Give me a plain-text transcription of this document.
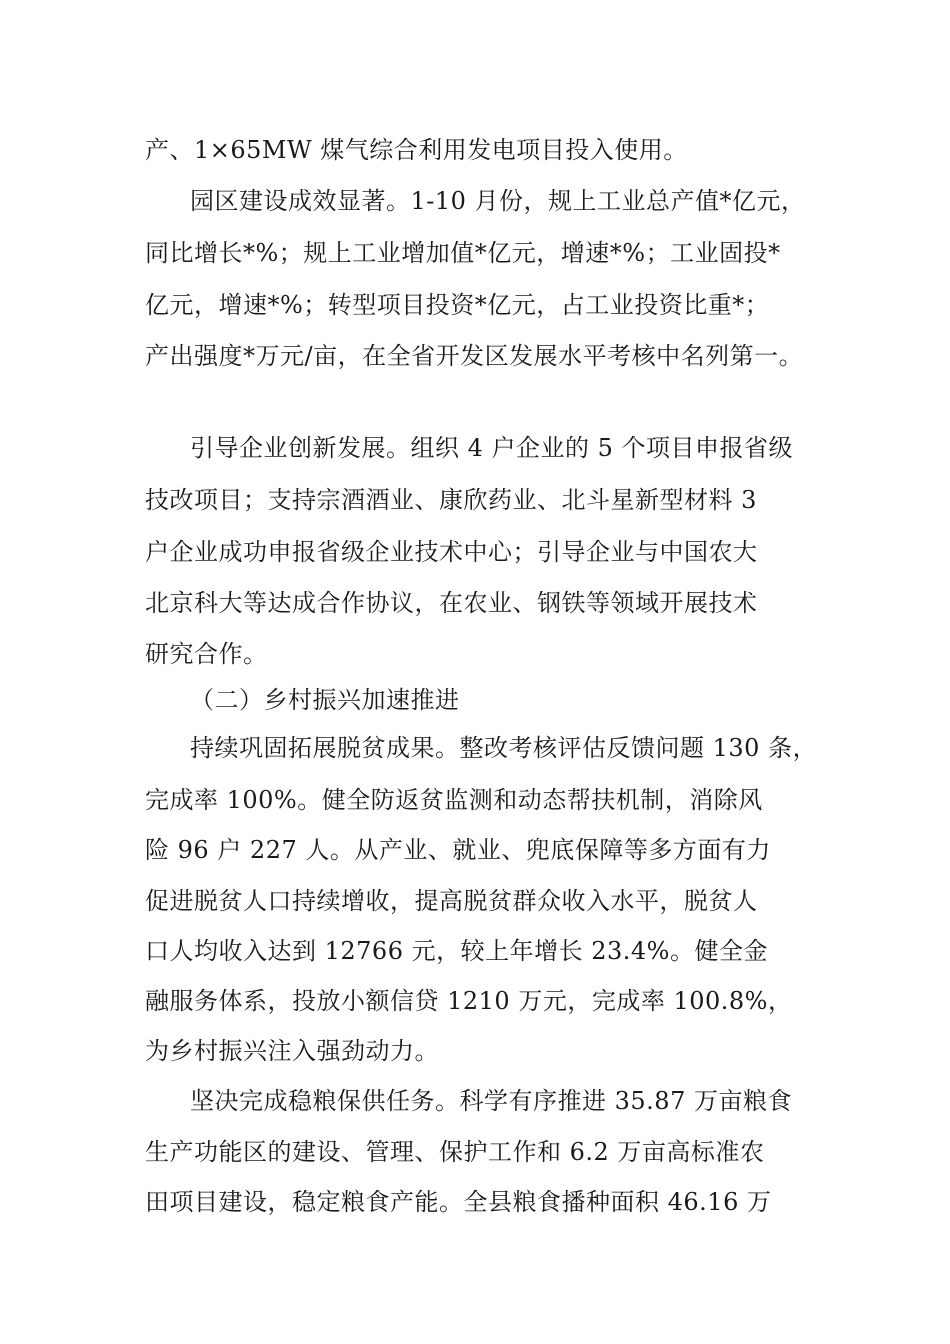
产、1×65MW 煤气综合利用发电项目投入使用。
园区建设成效显著。1-10 月份，规上工业总产值*亿元，
同比增长*%；规上工业增加值*亿元，增速*%；工业固投*
亿元，增速*%；转型项目投资*亿元，占工业投资比重*；
产出强度*万元/亩，在全省开发区发展水平考核中名列第一。
引导企业创新发展。组织 4 户企业的 5 个项目申报省级
技改项目；支持宗酒酒业、康欣药业、北斗星新型材料 3
户企业成功申报省级企业技术中心；引导企业与中国农大
北京科大等达成合作协议，在农业、钢铁等领域开展技术
研究合作。
（二）乡村振兴加速推进
持续巩固拓展脱贫成果。整改考核评估反馈问题 130 条，
完成率 100%。健全防返贫监测和动态帮扶机制，消除风
险 96 户 227 人。从产业、就业、兜底保障等多方面有力
促进脱贫人口持续增收，提高脱贫群众收入水平，脱贫人
口人均收入达到 12766 元，较上年增长 23.4%。健全金
融服务体系，投放小额信贷 1210 万元，完成率 100.8%，
为乡村振兴注入强劲动力。
坚决完成稳粮保供任务。科学有序推进 35.87 万亩粮食
生产功能区的建设、管理、保护工作和 6.2 万亩高标准农
田项目建设，稳定粮食产能。全县粮食播种面积 46.16 万
